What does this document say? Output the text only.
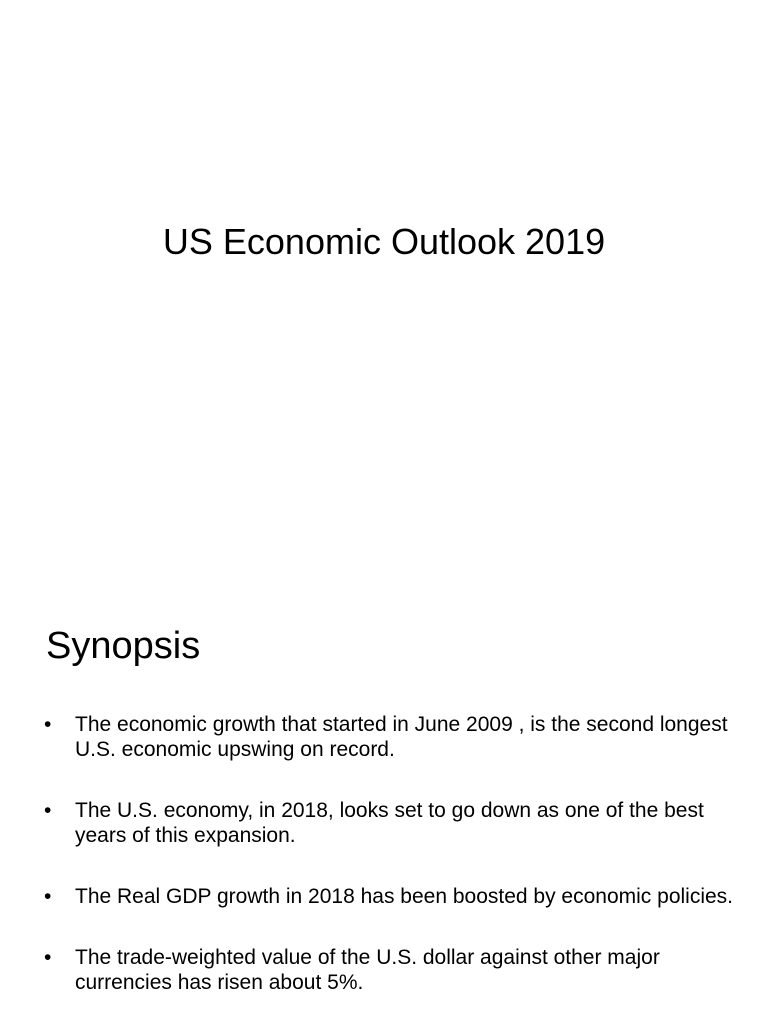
US Economic Outlook 2019
Synopsis
•	The economic growth that started in June 2009 , is the second longest U.S. economic upswing on record.
•	The U.S. economy, in 2018, looks set to go down as one of the best years of this expansion.
•	The Real GDP growth in 2018 has been boosted by economic policies.
•	The trade-weighted value of the U.S. dollar against other major currencies has risen about 5%.
